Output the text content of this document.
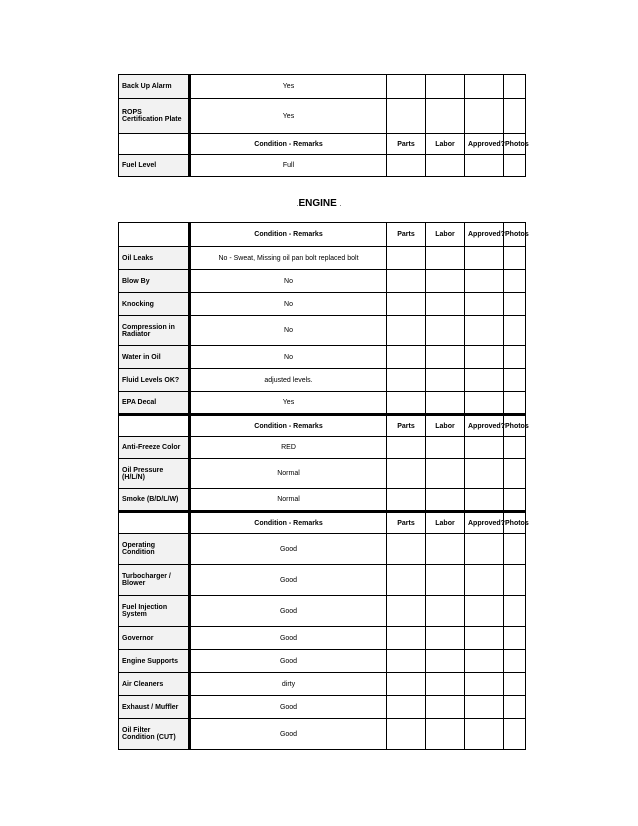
Back Up Alarm	Yes				
ROPS
Certification Plate	Yes				
	Condition - Remarks	Parts	Labor	Approved?	Photos
Fuel Level	Full				
.ENGINE .
	Condition - Remarks	Parts	Labor	Approved?	Photos
Oil Leaks	No - Sweat, Missing oil pan bolt replaced bolt				
Blow By	No				
Knocking	No				
Compression in
Radiator	No				
Water in Oil	No				
Fluid Levels OK?	adjusted levels.				
EPA Decal	Yes				
	Condition - Remarks	Parts	Labor	Approved?	Photos
Anti-Freeze Color	RED				
Oil Pressure
(H/L/N)	Normal				
Smoke (B/D/L/W)	Normal				
	Condition - Remarks	Parts	Labor	Approved?	Photos
Operating
Condition	Good				
Turbocharger /
Blower	Good				
Fuel Injection
System	Good				
Governor	Good				
Engine Supports	Good				
Air Cleaners	dirty				
Exhaust / Muffler	Good				
Oil Filter
Condition (CUT)	Good				
